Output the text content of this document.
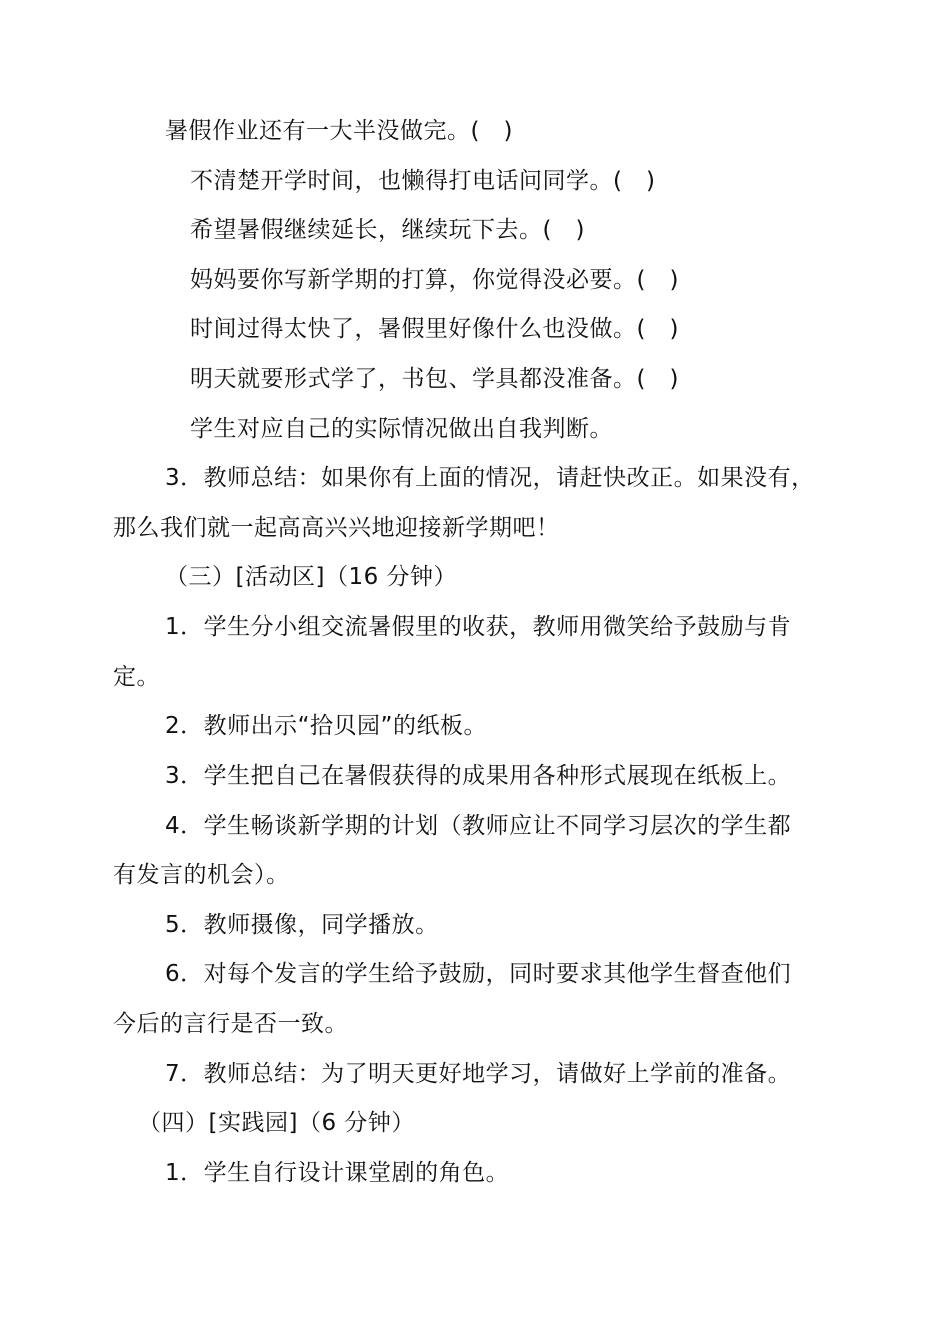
暑假作业还有一大半没做完。(　)
不清楚开学时间，也懒得打电话问同学。(　)
希望暑假继续延长，继续玩下去。(　)
妈妈要你写新学期的打算，你觉得没必要。(　)
时间过得太快了，暑假里好像什么也没做。(　)
明天就要形式学了，书包、学具都没准备。(　)
学生对应自己的实际情况做出自我判断。
3．教师总结：如果你有上面的情况，请赶快改正。如果没有，
那么我们就一起高高兴兴地迎接新学期吧！
（三）[活动区]（16 分钟）
1．学生分小组交流暑假里的收获，教师用微笑给予鼓励与肯
定。
2．教师出示“拾贝园”的纸板。
3．学生把自己在暑假获得的成果用各种形式展现在纸板上。
4．学生畅谈新学期的计划（教师应让不同学习层次的学生都
有发言的机会）。
5．教师摄像，同学播放。
6．对每个发言的学生给予鼓励，同时要求其他学生督查他们
今后的言行是否一致。
7．教师总结：为了明天更好地学习，请做好上学前的准备。
（四）[实践园]（6 分钟）
1．学生自行设计课堂剧的角色。
